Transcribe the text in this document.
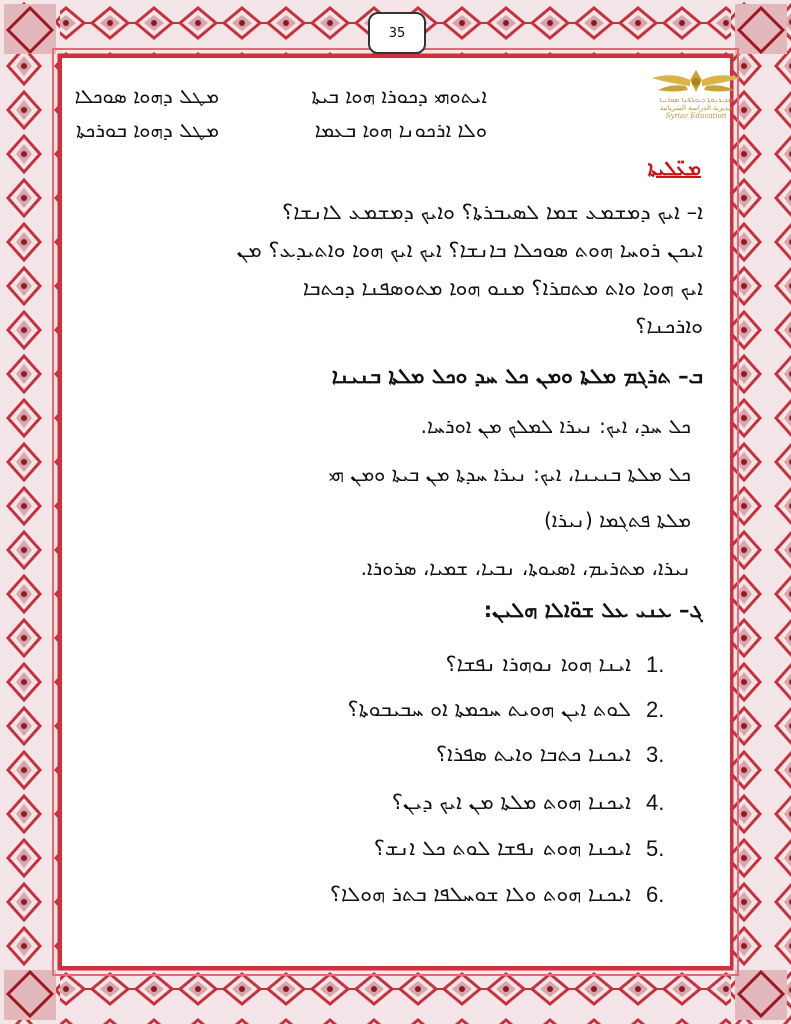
35
ܡܕܝܪܢܘܬܐ ܕܝܘܠܦܢܐ ܣܘܪܝܝܐ
مديرية الدراسة السريانية
Syriac Education
ܐܝܬܘܗܝ ܕܟܘܪܐ ܗܘܐ ܒܝܬܐ
ܡܛܠ ܕܗܘܐ ܣܘܟܠܐ
ܘܠܐ ܐܪܟܘܢܐ ܗܘܐ ܒܥܡܐ
ܡܛܠ ܕܗܘܐ ܒܘܪܟܬܐ
ܡܥ̈ܠܝܬܐ
ܐ– ܐܝܟ ܕܡܫܡܥ ܫܡܐ ܠܣܝܒܪܬܐ؟ ܘܐܝܟ ܕܡܫܡܥ ܠܐܢܫܐ؟
ܐܝܟܢ ܪܘܚܐ ܗܘܬ ܣܘܟܠܐ ܒܐܢܫܐ؟ ܐܝܟ ܐܝܟ ܗܘܐ ܘܐܬܝܕܥ؟ ܡܢ
ܐܝܟ ܗܘܐ ܘܐܬ ܡܬܩܪܐ؟ ܡܢܘ ܗܘܐ ܡܬܘܣܦܢܐ ܕܟܬܒܐ
ܘܐܪܟܢܐ؟
ܒ– ܬܪܓܡ ܡܠܬܐ ܘܡܢ ܟܠ ܚܕ ܘܟܠ ܡܠܬܐ ܒܢܝܢܐ
ܟܠ ܚܕ، ܐܝܟ: ܢܝܪܐ ܠܡܠܟ ܡܢ ܐܘܪܚܐ.
ܟܠ ܡܠܬܐ ܒܢܝܢܐ، ܐܝܟ: ܢܝܪܐ ܚܕܬܐ ܡܢ ܒܝܬܐ ܘܡܢ ܗܝ
ܡܠܬܐ ܦܬܓܡܐ (ܢܝܪܐ)
ܢܝܪܐ، ܡܬܪܝܡ، ܐܣܝܘܬܐ، ܢܒܝܐ، ܫܡܝܐ، ܣܪܘܪܐ.
ܓ– ܥܢܝ ܥܠ ܫܘ̈ܐܠܐ ܗܠܝܢ:
1.
ܐܝܢܐ ܗܘܐ ܢܘܗܪܐ ܢܦܫܐ؟
2.
ܠܘܬ ܐܝܢ ܗܘܝܬ ܚܟܡܬܐ ܐܘ ܚܒܝܒܘܬܐ؟
3.
ܐܝܟܢܐ ܟܬܒܐ ܘܐܝܬ ܣܦܪܐ؟
4.
ܐܝܟܢܐ ܗܘܬ ܡܠܬܐ ܡܢ ܐܝܟ ܕܝܢ؟
5.
ܐܝܟܢܐ ܗܘܬ ܢܦܫܐ ܠܘܬ ܟܠ ܐܢܫ؟
6.
ܐܝܟܢܐ ܗܘܬ ܘܠܐ ܫܘܚܠܦܐ ܒܬܪ ܗܘܠܐ؟
